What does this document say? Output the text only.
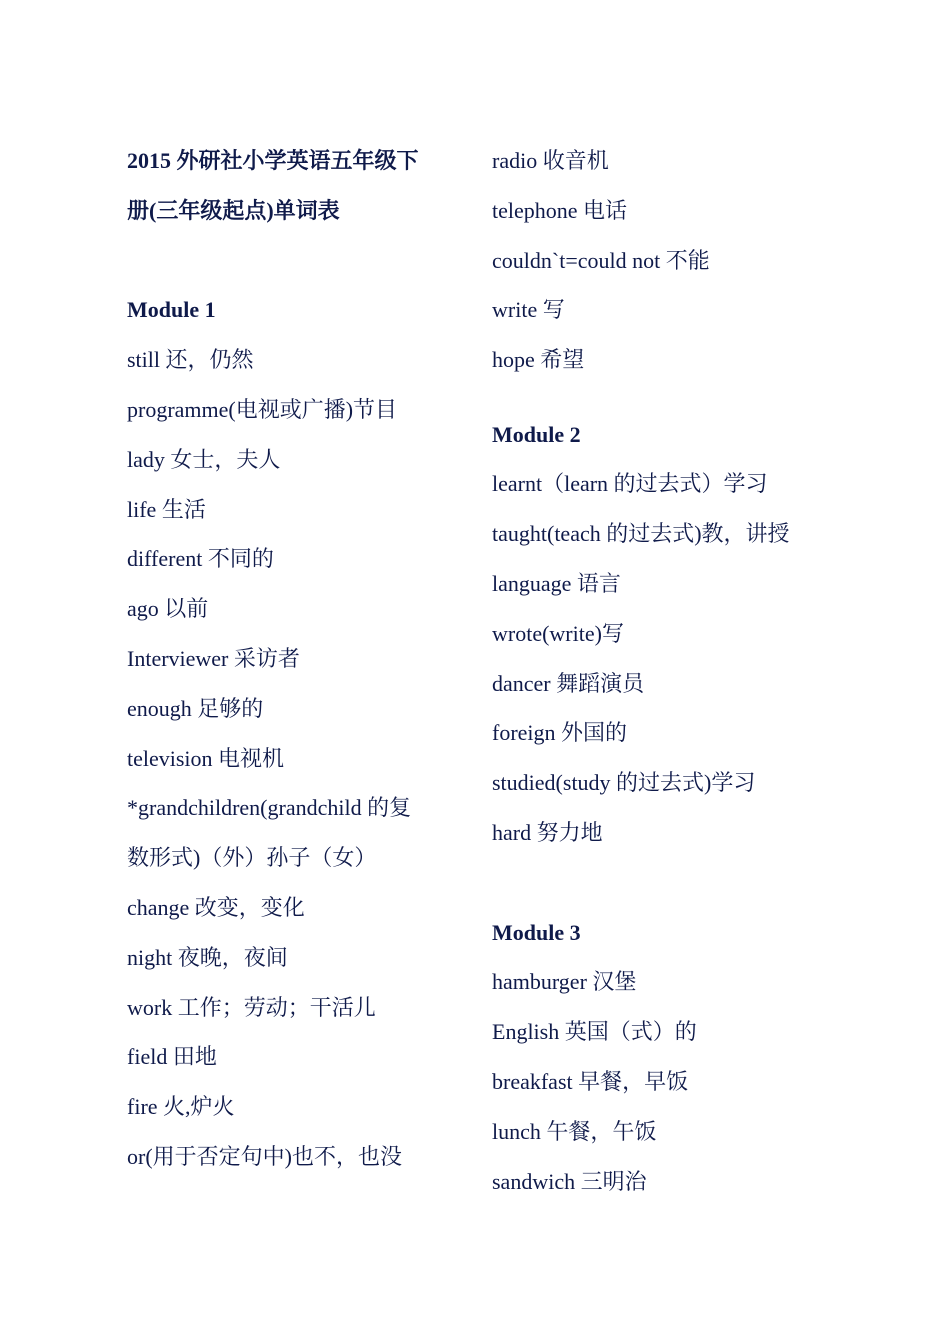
2015 外研社小学英语五年级下
册(三年级起点)单词表
Module 1
still 还，仍然
programme(电视或广播)节目
lady 女士，夫人
life 生活
different 不同的
ago 以前
Interviewer 采访者
enough 足够的
television 电视机
*grandchildren(grandchild 的复
数形式)（外）孙子（女）
change 改变，变化
night 夜晚，夜间
work 工作；劳动；干活儿
field 田地
fire 火,炉火
or(用于否定句中)也不，也没
radio 收音机
telephone 电话
couldn`t=could not 不能
write 写
hope 希望
Module 2
learnt（learn 的过去式）学习
taught(teach 的过去式)教，讲授
language 语言
wrote(write)写
dancer 舞蹈演员
foreign 外国的
studied(study 的过去式)学习
hard 努力地
Module 3
hamburger 汉堡
English 英国（式）的
breakfast 早餐，早饭
lunch 午餐，午饭
sandwich 三明治
